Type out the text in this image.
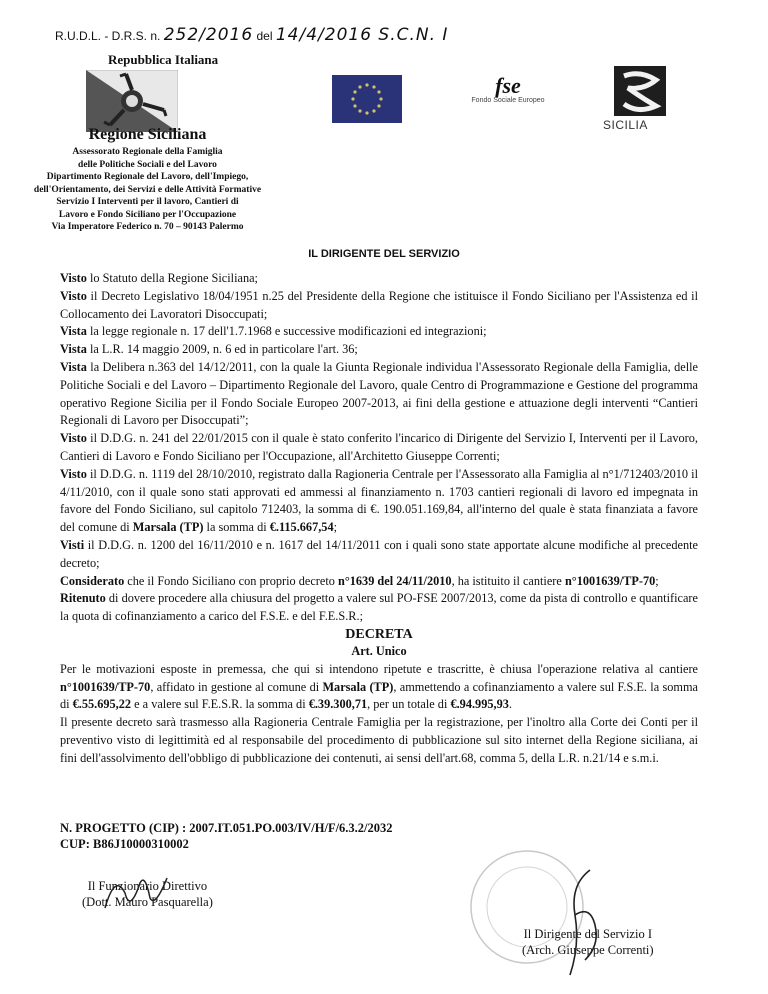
R.U.D.L. - D.R.S. n. 252/2016 del 14/4/2016 S.C.N. I
Repubblica Italiana
fse
Fondo Sociale Europeo
SICILIA
Regione Siciliana
Assessorato Regionale della Famiglia
delle Politiche Sociali e del Lavoro
Dipartimento Regionale del Lavoro, dell'Impiego,
dell'Orientamento, dei Servizi e delle Attività Formative
Servizio I Interventi per il lavoro, Cantieri di
Lavoro e Fondo Siciliano per l'Occupazione
Via Imperatore Federico n. 70 – 90143 Palermo
IL DIRIGENTE DEL SERVIZIO

Visto lo Statuto della Regione Siciliana;

Visto il Decreto Legislativo 18/04/1951 n.25 del Presidente della Regione che istituisce il Fondo Siciliano per l'Assistenza ed il Collocamento dei Lavoratori Disoccupati;

Vista la legge regionale n. 17 dell'1.7.1968 e successive modificazioni ed integrazioni;

Vista la L.R. 14 maggio 2009, n. 6 ed in particolare l'art. 36;

Vista la Delibera n.363 del 14/12/2011, con la quale la Giunta Regionale individua l'Assessorato Regionale della Famiglia, delle Politiche Sociali e del Lavoro – Dipartimento Regionale del Lavoro, quale Centro di Programmazione e Gestione del programma operativo Regione Sicilia per il Fondo Sociale Europeo 2007-2013, ai fini della gestione e attuazione degli interventi “Cantieri Regionali di Lavoro per Disoccupati”;

Visto il D.D.G. n. 241 del 22/01/2015 con il quale è stato conferito l'incarico di Dirigente del Servizio I, Interventi per il Lavoro, Cantieri di Lavoro e Fondo Siciliano per l'Occupazione, all'Architetto Giuseppe Correnti;

Visto il D.D.G. n. 1119 del 28/10/2010, registrato dalla Ragioneria Centrale per l'Assessorato alla Famiglia al n°1/712403/2010 il 4/11/2010, con il quale sono stati approvati ed ammessi al finanziamento n. 1703 cantieri regionali di lavoro ed impegnata in favore del Fondo Siciliano, sul capitolo 712403, la somma di €. 190.051.169,84, all'interno del quale è stata finanziata a favore del comune di Marsala (TP) la somma di €.115.667,54;

Visti il D.D.G. n. 1200 del 16/11/2010 e n. 1617 del 14/11/2011 con i quali sono state apportate alcune modifiche al precedente decreto;

Considerato che il Fondo Siciliano con proprio decreto n°1639 del 24/11/2010, ha istituito il cantiere n°1001639/TP-70;

Ritenuto di dovere procedere alla chiusura del progetto a valere sul PO-FSE 2007/2013, come da pista di controllo e quantificare la quota di cofinanziamento a carico del F.S.E. e del F.E.S.R.;

DECRETA

Art. Unico

Per le motivazioni esposte in premessa, che qui si intendono ripetute e trascritte, è chiusa l'operazione relativa al cantiere n°1001639/TP-70, affidato in gestione al comune di Marsala (TP), ammettendo a cofinanziamento a valere sul F.S.E. la somma di €.55.695,22 e a valere sul F.E.S.R. la somma di €.39.300,71, per un totale di €.94.995,93.

Il presente decreto sarà trasmesso alla Ragioneria Centrale Famiglia per la registrazione, per l'inoltro alla Corte dei Conti per il preventivo visto di legittimità ed al responsabile del procedimento di pubblicazione sul sito internet della Regione siciliana, ai fini dell'assolvimento dell'obbligo di pubblicazione dei contenuti, ai sensi dell'art.68, comma 5, della L.R. n.21/14 e s.m.i.

N. PROGETTO (CIP) : 2007.IT.051.PO.003/IV/H/F/6.3.2/2032
CUP: B86J10000310002
Il Funzionario Direttivo
(Dott. Mauro Pasquarella)
Il Dirigente del Servizio I
(Arch. Giuseppe Correnti)
